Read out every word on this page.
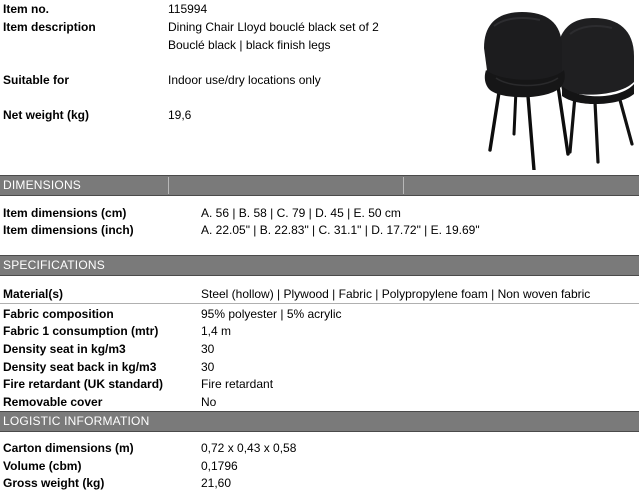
Item no.	115994
Item description	Dining Chair Lloyd bouclé black set of 2
Bouclé black | black finish legs
Suitable for	Indoor use/dry locations only
Net weight (kg)	19,6
DIMENSIONS
Item dimensions (cm)	A. 56 | B. 58 | C. 79 | D. 45 | E. 50 cm
Item dimensions (inch)	A. 22.05" | B. 22.83" | C. 31.1" | D. 17.72" | E. 19.69"
SPECIFICATIONS
Material(s)	Steel (hollow) | Plywood | Fabric | Polypropylene foam | Non woven fabric
Fabric composition	95% polyester | 5% acrylic
Fabric 1 consumption (mtr)	1,4 m
Density seat in kg/m3	30
Density seat back in kg/m3	30
Fire retardant (UK standard)	Fire retardant
Removable cover	No
LOGISTIC INFORMATION
Carton dimensions (m)	0,72 x 0,43 x 0,58
Volume (cbm)	0,1796
Gross weight (kg)	21,60
